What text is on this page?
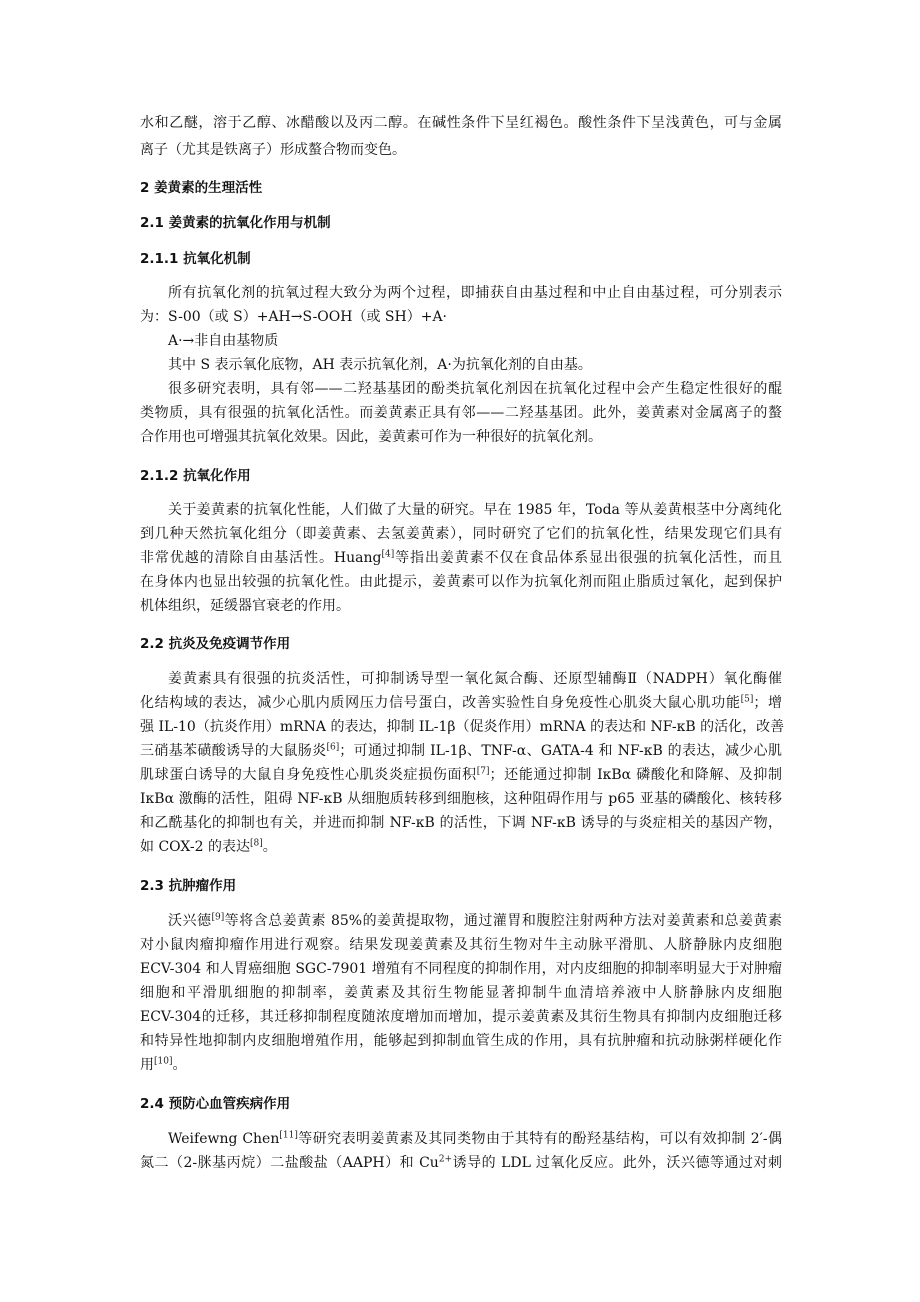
水和乙醚，溶于乙醇、冰醋酸以及丙二醇。在碱性条件下呈红褐色。酸性条件下呈浅黄色，可与金属

离子（尤其是铁离子）形成螯合物而变色。

2 姜黄素的生理活性

2.1 姜黄素的抗氧化作用与机制

2.1.1 抗氧化机制

所有抗氧化剂的抗氧过程大致分为两个过程，即捕获自由基过程和中止自由基过程，可分别表示

为：S-00（或 S）+AH→S-OOH（或 SH）+A·

A·→非自由基物质

其中 S 表示氧化底物，AH 表示抗氧化剂，A·为抗氧化剂的自由基。

很多研究表明，具有邻——二羟基基团的酚类抗氧化剂因在抗氧化过程中会产生稳定性很好的醌

类物质，具有很强的抗氧化活性。而姜黄素正具有邻——二羟基基团。此外，姜黄素对金属离子的螯

合作用也可增强其抗氧化效果。因此，姜黄素可作为一种很好的抗氧化剂。

2.1.2 抗氧化作用

关于姜黄素的抗氧化性能，人们做了大量的研究。早在 1985 年，Toda 等从姜黄根茎中分离纯化

到几种天然抗氧化组分（即姜黄素、去氢姜黄素），同时研究了它们的抗氧化性，结果发现它们具有

非常优越的清除自由基活性。Huang[4]等指出姜黄素不仅在食品体系显出很强的抗氧化活性，而且

在身体内也显出较强的抗氧化性。由此提示，姜黄素可以作为抗氧化剂而阻止脂质过氧化，起到保护

机体组织，延缓器官衰老的作用。

2.2 抗炎及免疫调节作用

姜黄素具有很强的抗炎活性，可抑制诱导型一氧化氮合酶、还原型辅酶Ⅱ（NADPH）氧化酶催

化结构域的表达，减少心肌内质网压力信号蛋白，改善实验性自身免疫性心肌炎大鼠心肌功能[5]；增

强 IL-10（抗炎作用）mRNA 的表达，抑制 IL-1β（促炎作用）mRNA 的表达和 NF-κB 的活化，改善

三硝基苯磺酸诱导的大鼠肠炎[6]；可通过抑制 IL-1β、TNF-α、GATA-4 和 NF-κB 的表达，减少心肌

肌球蛋白诱导的大鼠自身免疫性心肌炎炎症损伤面积[7]；还能通过抑制 IκBα 磷酸化和降解、及抑制

IκBα 激酶的活性，阻碍 NF-κB 从细胞质转移到细胞核，这种阻碍作用与 p65 亚基的磷酸化、核转移

和乙酰基化的抑制也有关，并进而抑制 NF-κB 的活性，下调 NF-κB 诱导的与炎症相关的基因产物，

如 COX-2 的表达[8]。

2.3 抗肿瘤作用

沃兴德[9]等将含总姜黄素 85%的姜黄提取物，通过灌胃和腹腔注射两种方法对姜黄素和总姜黄素

对小鼠肉瘤抑瘤作用进行观察。结果发现姜黄素及其衍生物对牛主动脉平滑肌、人脐静脉内皮细胞

ECV-304 和人胃癌细胞 SGC-7901 增殖有不同程度的抑制作用，对内皮细胞的抑制率明显大于对肿瘤

细胞和平滑肌细胞的抑制率，姜黄素及其衍生物能显著抑制牛血清培养液中人脐静脉内皮细胞

ECV-304的迁移，其迁移抑制程度随浓度增加而增加，提示姜黄素及其衍生物具有抑制内皮细胞迁移

和特异性地抑制内皮细胞增殖作用，能够起到抑制血管生成的作用，具有抗肿瘤和抗动脉粥样硬化作

用[10]。

2.4 预防心血管疾病作用

Weifewng Chen[11]等研究表明姜黄素及其同类物由于其特有的酚羟基结构，可以有效抑制 2′-偶

氮二（2-脒基丙烷）二盐酸盐（AAPH）和 $Cu^{2+}$诱导的 LDL 过氧化反应。此外，沃兴德等通过对刺
